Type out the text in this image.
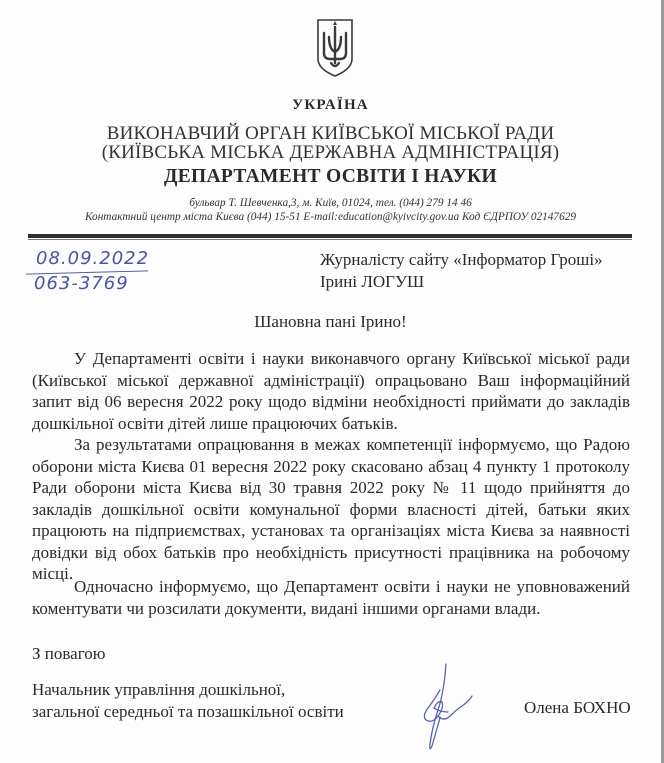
УКРАЇНА
ВИКОНАВЧИЙ ОРГАН КИЇВСЬКОЇ МІСЬКОЇ РАДИ
(КИЇВСЬКА МІСЬКА ДЕРЖАВНА АДМІНІСТРАЦІЯ)
ДЕПАРТАМЕНТ ОСВІТИ І НАУКИ
бульвар Т. Шевченка,3, м. Київ, 01024, тел. (044) 279 14 46
Контактний центр міста Києва (044) 15-51 E-mail:education@kyivcity.gov.ua Код ЄДРПОУ 02147629
08.09.2022
063-3769
Журналісту сайту «Інформатор Гроші»
Ірині ЛОГУШ
Шановна пані Ірино!

У Департаменті освіти і науки виконавчого органу Київської міської ради (Київської міської державної адміністрації) опрацьовано Ваш інформаційний запит від 06 вересня 2022 року щодо відміни необхідності приймати до закладів дошкільної освіти дітей лише працюючих батьків.

За результатами опрацювання в межах компетенції інформуємо, що Радою оборони міста Києва 01 вересня 2022 року скасовано абзац 4 пункту 1 протоколу Ради оборони міста Києва від 30 травня 2022 року № 11 щодо прийняття до закладів дошкільної освіти комунальної форми власності дітей, батьки яких працюють на підприємствах, установах та організаціях міста Києва за наявності довідки від обох батьків про необхідність присутності працівника на робочому місці.

Одночасно інформуємо, що Департамент освіти і науки не уповноважений коментувати чи розсилати документи, видані іншими органами влади.

З повагою
Начальник управління дошкільної,
загальної середньої та позашкільної освіти	Олена БОХНО
